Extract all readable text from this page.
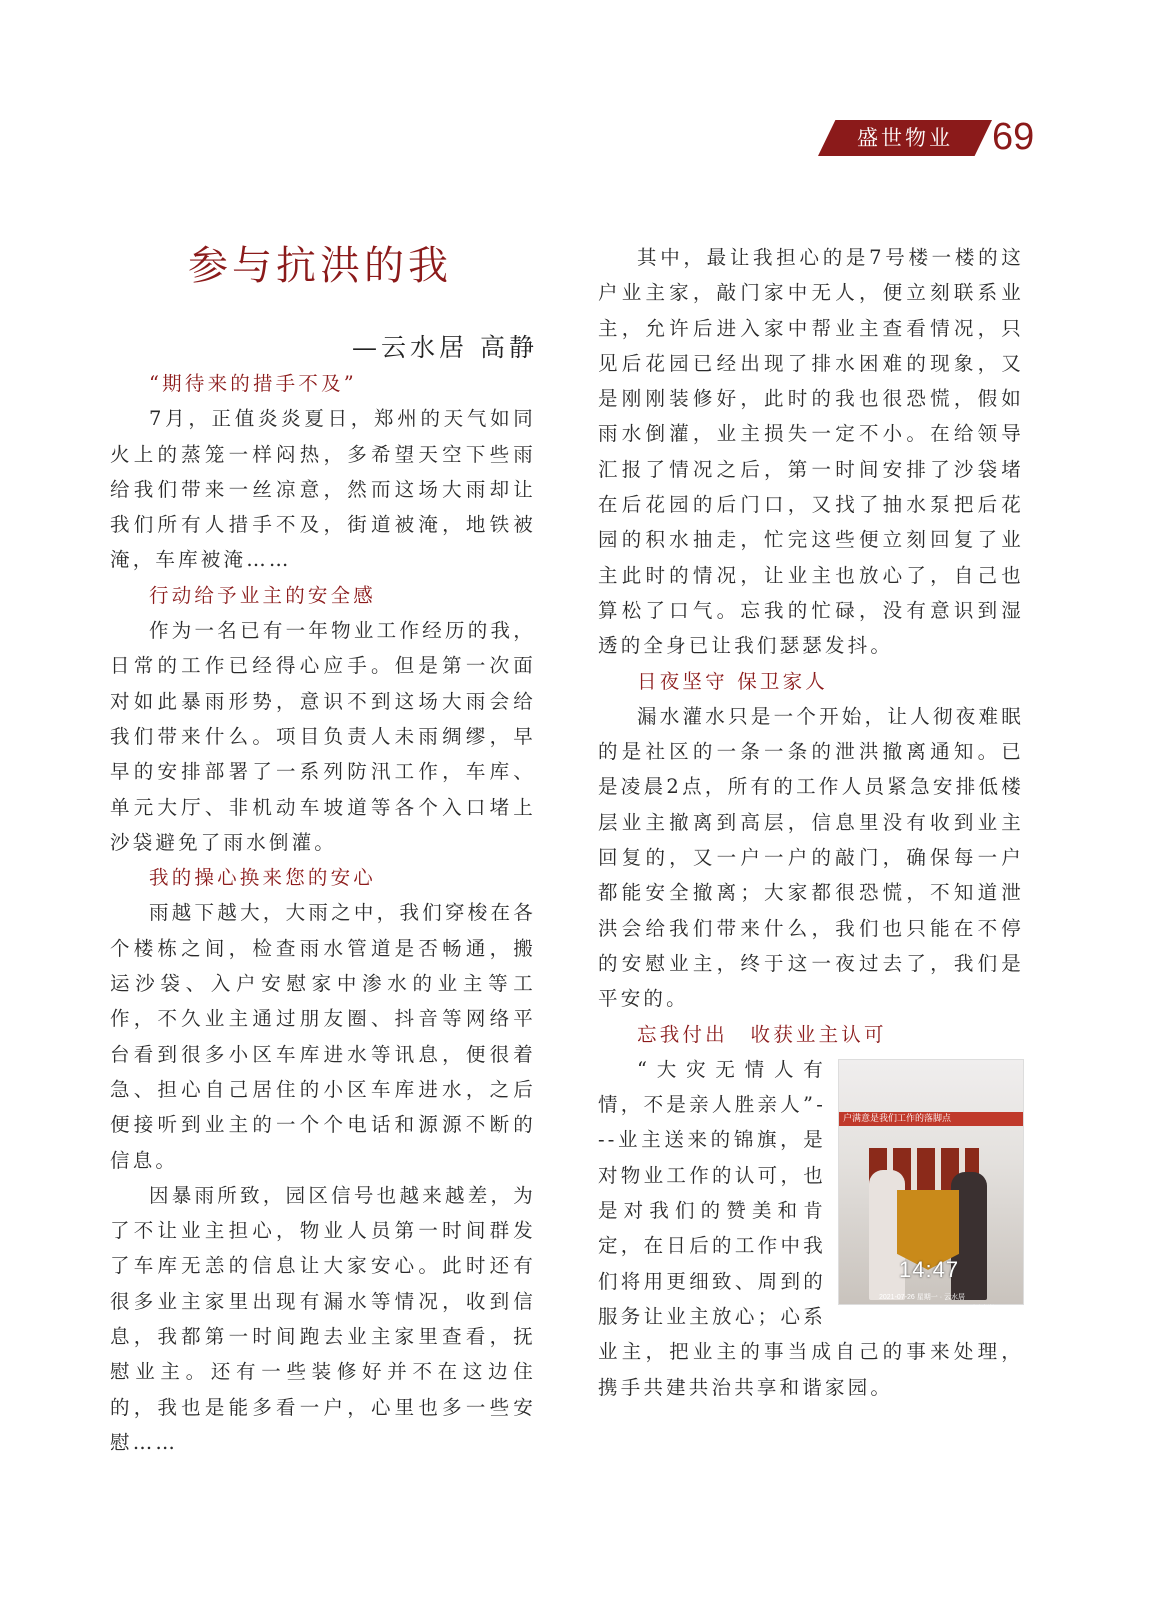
盛世物业	69
参与抗洪的我
—云水居 高静
“期待来的措手不及”

7月，正值炎炎夏日，郑州的天气如同火上的蒸笼一样闷热，多希望天空下些雨给我们带来一丝凉意，然而这场大雨却让我们所有人措手不及，街道被淹，地铁被淹，车库被淹……

行动给予业主的安全感

作为一名已有一年物业工作经历的我，日常的工作已经得心应手。但是第一次面对如此暴雨形势，意识不到这场大雨会给我们带来什么。项目负责人未雨绸缪，早早的安排部署了一系列防汛工作，车库、单元大厅、非机动车坡道等各个入口堵上沙袋避免了雨水倒灌。

我的操心换来您的安心

雨越下越大，大雨之中，我们穿梭在各个楼栋之间，检查雨水管道是否畅通，搬运沙袋、入户安慰家中渗水的业主等工作，不久业主通过朋友圈、抖音等网络平台看到很多小区车库进水等讯息，便很着急、担心自己居住的小区车库进水，之后便接听到业主的一个个电话和源源不断的信息。

因暴雨所致，园区信号也越来越差，为了不让业主担心，物业人员第一时间群发了车库无恙的信息让大家安心。此时还有很多业主家里出现有漏水等情况，收到信息，我都第一时间跑去业主家里查看，抚慰业主。还有一些装修好并不在这边住的，我也是能多看一户，心里也多一些安慰……

其中，最让我担心的是7号楼一楼的这户业主家，敲门家中无人，便立刻联系业主，允许后进入家中帮业主查看情况，只见后花园已经出现了排水困难的现象，又是刚刚装修好，此时的我也很恐慌，假如雨水倒灌，业主损失一定不小。在给领导汇报了情况之后，第一时间安排了沙袋堵在后花园的后门口，又找了抽水泵把后花园的积水抽走，忙完这些便立刻回复了业主此时的情况，让业主也放心了，自己也算松了口气。忘我的忙碌，没有意识到湿透的全身已让我们瑟瑟发抖。

日夜坚守 保卫家人

漏水灌水只是一个开始，让人彻夜难眠的是社区的一条一条的泄洪撤离通知。已是凌晨2点，所有的工作人员紧急安排低楼层业主撤离到高层，信息里没有收到业主回复的，又一户一户的敲门，确保每一户都能安全撤离；大家都很恐慌，不知道泄洪会给我们带来什么，我们也只能在不停的安慰业主，终于这一夜过去了，我们是平安的。

忘我付出　收获业主认可
户满意是我们工作的落脚点
14:47
2021-07-26 星期一 · 云水居
水印相机

“大灾无情人有情，不是亲人胜亲人”---业主送来的锦旗，是对物业工作的认可，也是对我们的赞美和肯定，在日后的工作中我们将用更细致、周到的服务让业主放心；心系业主，把业主的事当成自己的事来处理，携手共建共治共享和谐家园。
